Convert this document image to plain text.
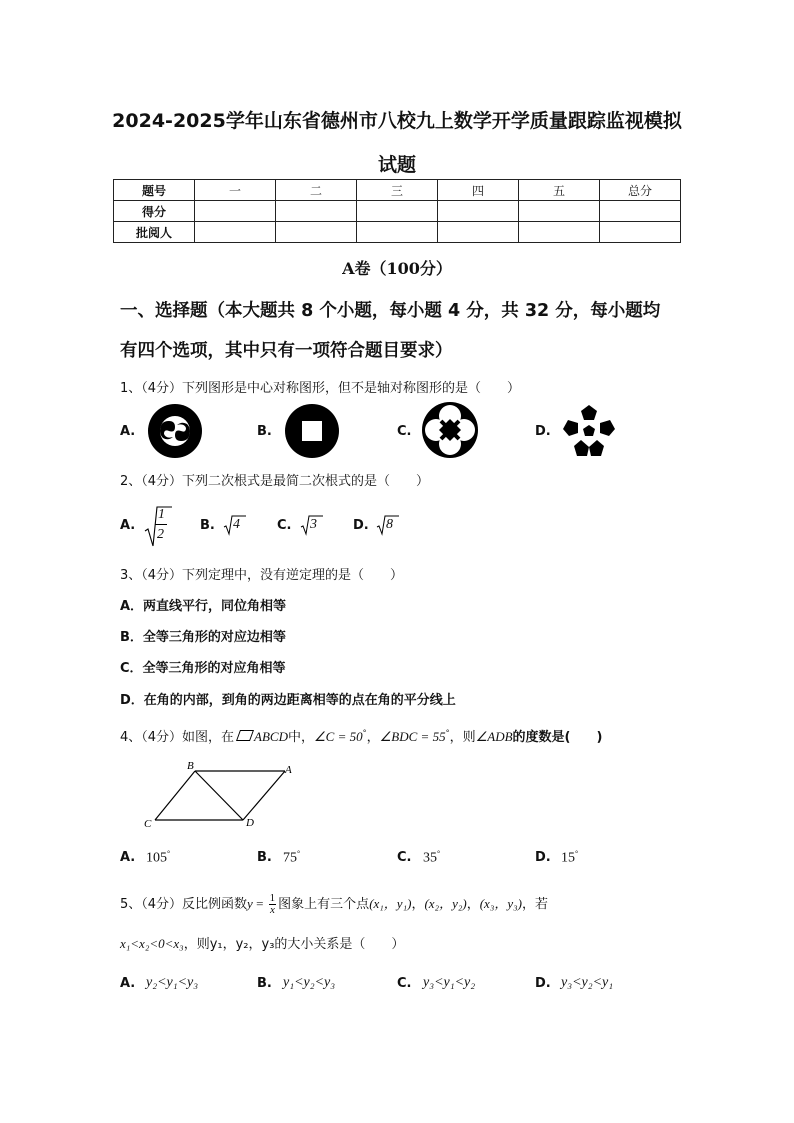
2024-2025学年山东省德州市八校九上数学开学质量跟踪监视模拟
试题
题号	一	二	三	四	五	总分
得分						
批阅人						
A卷（100分）
一、选择题（本大题共 8 个小题，每小题 4 分，共 32 分，每小题均
有四个选项，其中只有一项符合题目要求）
1、（4分）下列图形是中心对称图形，但不是轴对称图形的是（　　）
A.	B.	C.	D.
2、（4分）下列二次根式是最简二次根式的是（　　）
A.
1
2
B. 4	C. 3	D. 8
3、（4分）下列定理中，没有逆定理的是（　　）
A．两直线平行，同位角相等
B．全等三角形的对应边相等
C．全等三角形的对应角相等
D．在角的内部，到角的两边距离相等的点在角的平分线上
4、（4分）如图，在 ABCD中，∠C = 50°，∠BDC = 55°，则∠ADB的度数是(　　)
B	A
C	D
A. 105°	B. 75°	C. 35°	D. 15°
5、（4分）反比例函数$y = \frac{1}{x}$ 图象上有三个点(x₁，y₁)，(x₂，y₂)，(x₃，y₃)，若
x₁<x₂<0<x₃，则y₁，y₂，y₃的大小关系是（　　）
A. y₂<y₁<y₃	B. y₁<y₂<y₃	C. y₃<y₁<y₂	D. y₃<y₂<y₁
